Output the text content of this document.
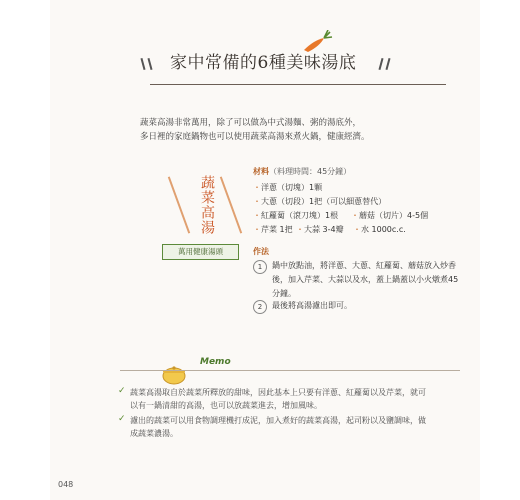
家中常備的6種美味湯底
蔬菜高湯非常萬用，除了可以做為中式湯麵、粥的湯底外，
多日裡的家庭鍋物也可以使用蔬菜高湯來煮火鍋，健康經濟。
蔬菜高湯
萬用健康湯頭
材料（料理時間：45分鐘）
・洋蔥（切塊）1顆
・大蔥（切段）1把（可以細蔥替代）
・紅蘿蔔（滾刀塊）1根 ・蘑菇（切片）4-5個
・芹菜 1把 ・大蒜 3-4瓣 ・水 1000c.c.
作法
1	鍋中放點油，將洋蔥、大蔥、紅蘿蔔、蘑菇放入炒香
後，加入芹菜、大蒜以及水，蓋上鍋蓋以小火燉煮45
分鐘。
2	最後將高湯濾出即可。
Memo
✓ 蔬菜高湯取自於蔬菜所釋放的甜味，因此基本上只要有洋蔥、紅蘿蔔以及芹菜，就可
以有一鍋清甜的高湯，也可以放蔬菜進去，增加風味。
✓ 濾出的蔬菜可以用食物調理機打成泥，加入煮好的蔬菜高湯，起司粉以及鹽調味，做
成蔬菜濃湯。
048
